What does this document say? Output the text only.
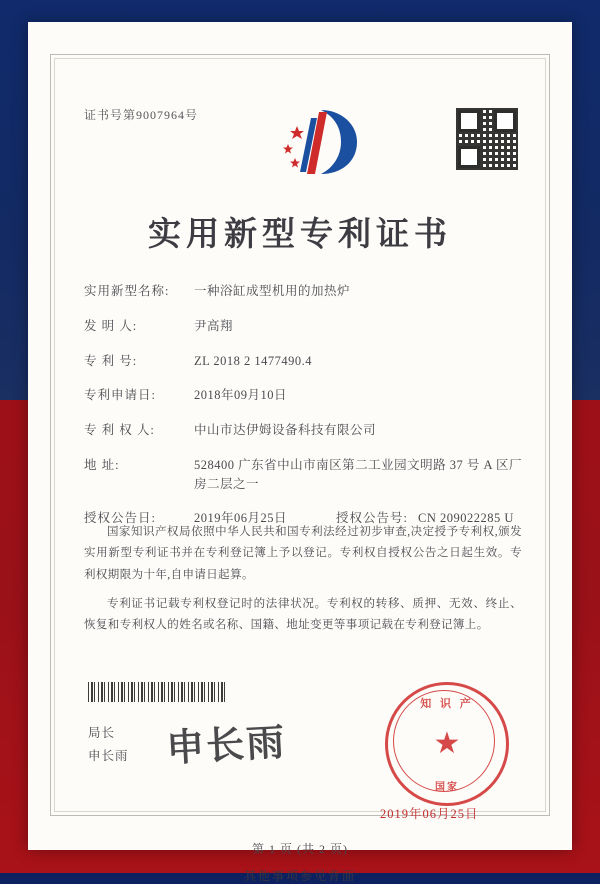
证书号第9007964号
实用新型专利证书
实用新型名称:	一种浴缸成型机用的加热炉
发 明 人:	尹高翔
专 利 号:	ZL 2018 2 1477490.4
专利申请日:	2018年09月10日
专 利 权 人:	中山市达伊姆设备科技有限公司
地 址:	528400 广东省中山市南区第二工业园文明路 37 号 A 区厂房二层之一
授权公告日:	2019年06月25日	授权公告号: CN 209022285 U

国家知识产权局依照中华人民共和国专利法经过初步审查,决定授予专利权,颁发实用新型专利证书并在专利登记簿上予以登记。专利权自授权公告之日起生效。专利权期限为十年,自申请日起算。

专利证书记载专利权登记时的法律状况。专利权的转移、质押、无效、终止、恢复和专利权人的姓名或名称、国籍、地址变更等事项记载在专利登记簿上。

局长
申长雨 申长雨
知 识 产
★
国家
2019年06月25日
第 1 页 (共 2 页)
其他事项参见背面
